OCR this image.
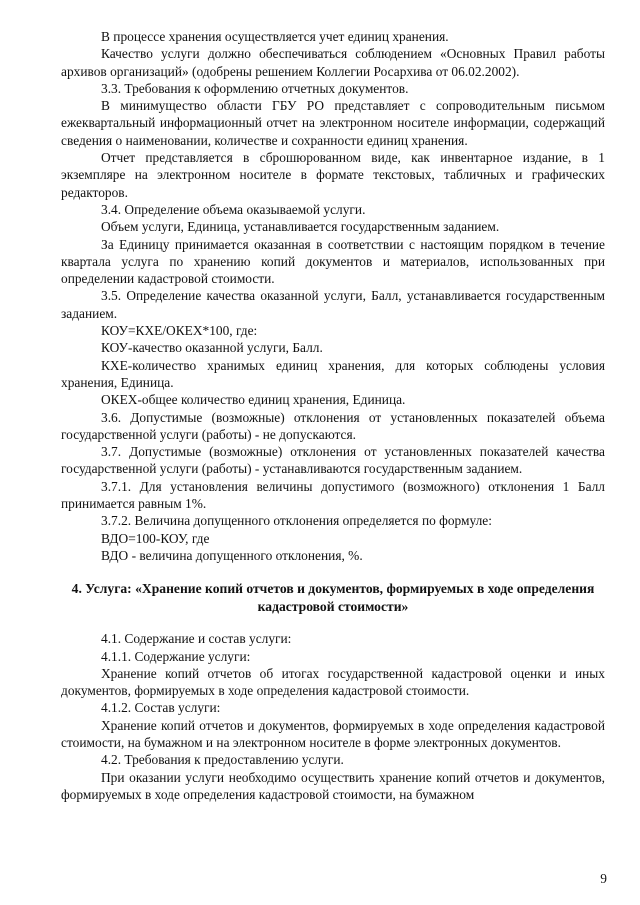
В процессе хранения осуществляется учет единиц хранения.

Качество услуги должно обеспечиваться соблюдением «Основных Правил работы архивов организаций» (одобрены решением Коллегии Росархива от 06.02.2002).

3.3. Требования к оформлению отчетных документов.

В минимущество области ГБУ РО представляет с сопроводительным письмом ежеквартальный информационный отчет на электронном носителе информации, содержащий сведения о наименовании, количестве и сохранности единиц хранения.

Отчет представляется в сброшюрованном виде, как инвентарное издание, в 1 экземпляре на электронном носителе в формате текстовых, табличных и графических редакторов.

3.4. Определение объема оказываемой услуги.

Объем услуги, Единица, устанавливается государственным заданием.

За Единицу принимается оказанная в соответствии с настоящим порядком в течение квартала услуга по хранению копий документов и материалов, использованных при определении кадастровой стоимости.

3.5. Определение качества оказанной услуги, Балл, устанавливается государственным заданием.

КОУ=КХЕ/ОКЕХ*100, где:

КОУ-качество оказанной услуги, Балл.

КХЕ-количество хранимых единиц хранения, для которых соблюдены условия хранения, Единица.

ОКЕХ-общее количество единиц хранения, Единица.

3.6. Допустимые (возможные) отклонения от установленных показателей объема государственной услуги (работы) - не допускаются.

3.7. Допустимые (возможные) отклонения от установленных показателей качества государственной услуги (работы) - устанавливаются государственным заданием.

3.7.1. Для установления величины допустимого (возможного) отклонения 1 Балл принимается равным 1%.

3.7.2. Величина допущенного отклонения определяется по формуле:

ВДО=100-КОУ, где

ВДО - величина допущенного отклонения, %.

4. Услуга: «Хранение копий отчетов и документов, формируемых в ходе определения кадастровой стоимости»

4.1. Содержание и состав услуги:

4.1.1. Содержание услуги:

Хранение копий отчетов об итогах государственной кадастровой оценки и иных документов, формируемых в ходе определения кадастровой стоимости.

4.1.2. Состав услуги:

Хранение копий отчетов и документов, формируемых в ходе определения кадастровой стоимости, на бумажном и на электронном носителе в форме электронных документов.

4.2. Требования к предоставлению услуги.

При оказании услуги необходимо осуществить хранение копий отчетов и документов, формируемых в ходе определения кадастровой стоимости, на бумажном

9
